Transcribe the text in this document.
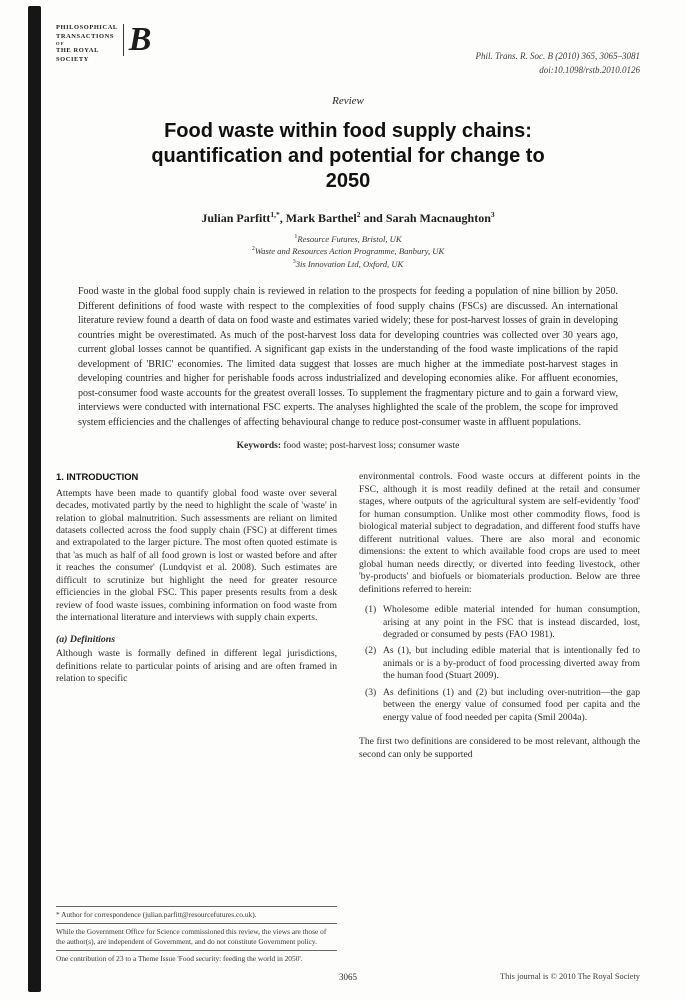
PHILOSOPHICAL
TRANSACTIONS
OF
THE ROYAL
SOCIETY
B	Phil. Trans. R. Soc. B (2010) 365, 3065–3081
doi:10.1098/rstb.2010.0126
Review
Food waste within food supply chains: quantification and potential for change to 2050
Julian Parfitt$^{1,*}$, Mark Barthel$^2$ and Sarah Macnaughton$^3$
$^1$Resource Futures, Bristol, UK
$^2$Waste and Resources Action Programme, Banbury, UK
$^3$3is Innovation Ltd, Oxford, UK

Food waste in the global food supply chain is reviewed in relation to the prospects for feeding a population of nine billion by 2050. Different definitions of food waste with respect to the complexities of food supply chains (FSCs) are discussed. An international literature review found a dearth of data on food waste and estimates varied widely; these for post-harvest losses of grain in developing countries might be overestimated. As much of the post-harvest loss data for developing countries was collected over 30 years ago, current global losses cannot be quantified. A significant gap exists in the understanding of the food waste implications of the rapid development of 'BRIC' economies. The limited data suggest that losses are much higher at the immediate post-harvest stages in developing countries and higher for perishable foods across industrialized and developing economies alike. For affluent economies, post-consumer food waste accounts for the greatest overall losses. To supplement the fragmentary picture and to gain a forward view, interviews were conducted with international FSC experts. The analyses highlighted the scale of the problem, the scope for improved system efficiencies and the challenges of affecting behavioural change to reduce post-consumer waste in affluent populations.

Keywords: food waste; post-harvest loss; consumer waste

1. INTRODUCTION

Attempts have been made to quantify global food waste over several decades, motivated partly by the need to highlight the scale of 'waste' in relation to global malnutrition. Such assessments are reliant on limited datasets collected across the food supply chain (FSC) at different times and extrapolated to the larger picture. The most often quoted estimate is that 'as much as half of all food grown is lost or wasted before and after it reaches the consumer' (Lundqvist et al. 2008). Such estimates are difficult to scrutinize but highlight the need for greater resource efficiencies in the global FSC. This paper presents results from a desk review of food waste issues, combining information on food waste from the international literature and interviews with supply chain experts.

(a) Definitions

Although waste is formally defined in different legal jurisdictions, definitions relate to particular points of arising and are often framed in relation to specific

* Author for correspondence (julian.parfitt@resourcefutures.co.uk).

While the Government Office for Science commissioned this review, the views are those of the author(s), are independent of Government, and do not constitute Government policy.

One contribution of 23 to a Theme Issue 'Food security: feeding the world in 2050'.

environmental controls. Food waste occurs at different points in the FSC, although it is most readily defined at the retail and consumer stages, where outputs of the agricultural system are self-evidently 'food' for human consumption. Unlike most other commodity flows, food is biological material subject to degradation, and different food stuffs have different nutritional values. There are also moral and economic dimensions: the extent to which available food crops are used to meet global human needs directly, or diverted into feeding livestock, other 'by-products' and biofuels or biomaterials production. Below are three definitions referred to herein:

(1) Wholesome edible material intended for human consumption, arising at any point in the FSC that is instead discarded, lost, degraded or consumed by pests (FAO 1981).
(2) As (1), but including edible material that is intentionally fed to animals or is a by-product of food processing diverted away from the human food (Stuart 2009).
(3) As definitions (1) and (2) but including over-nutrition—the gap between the energy value of consumed food per capita and the energy value of food needed per capita (Smil 2004a).

The first two definitions are considered to be most relevant, although the second can only be supported

3065	This journal is © 2010 The Royal Society
